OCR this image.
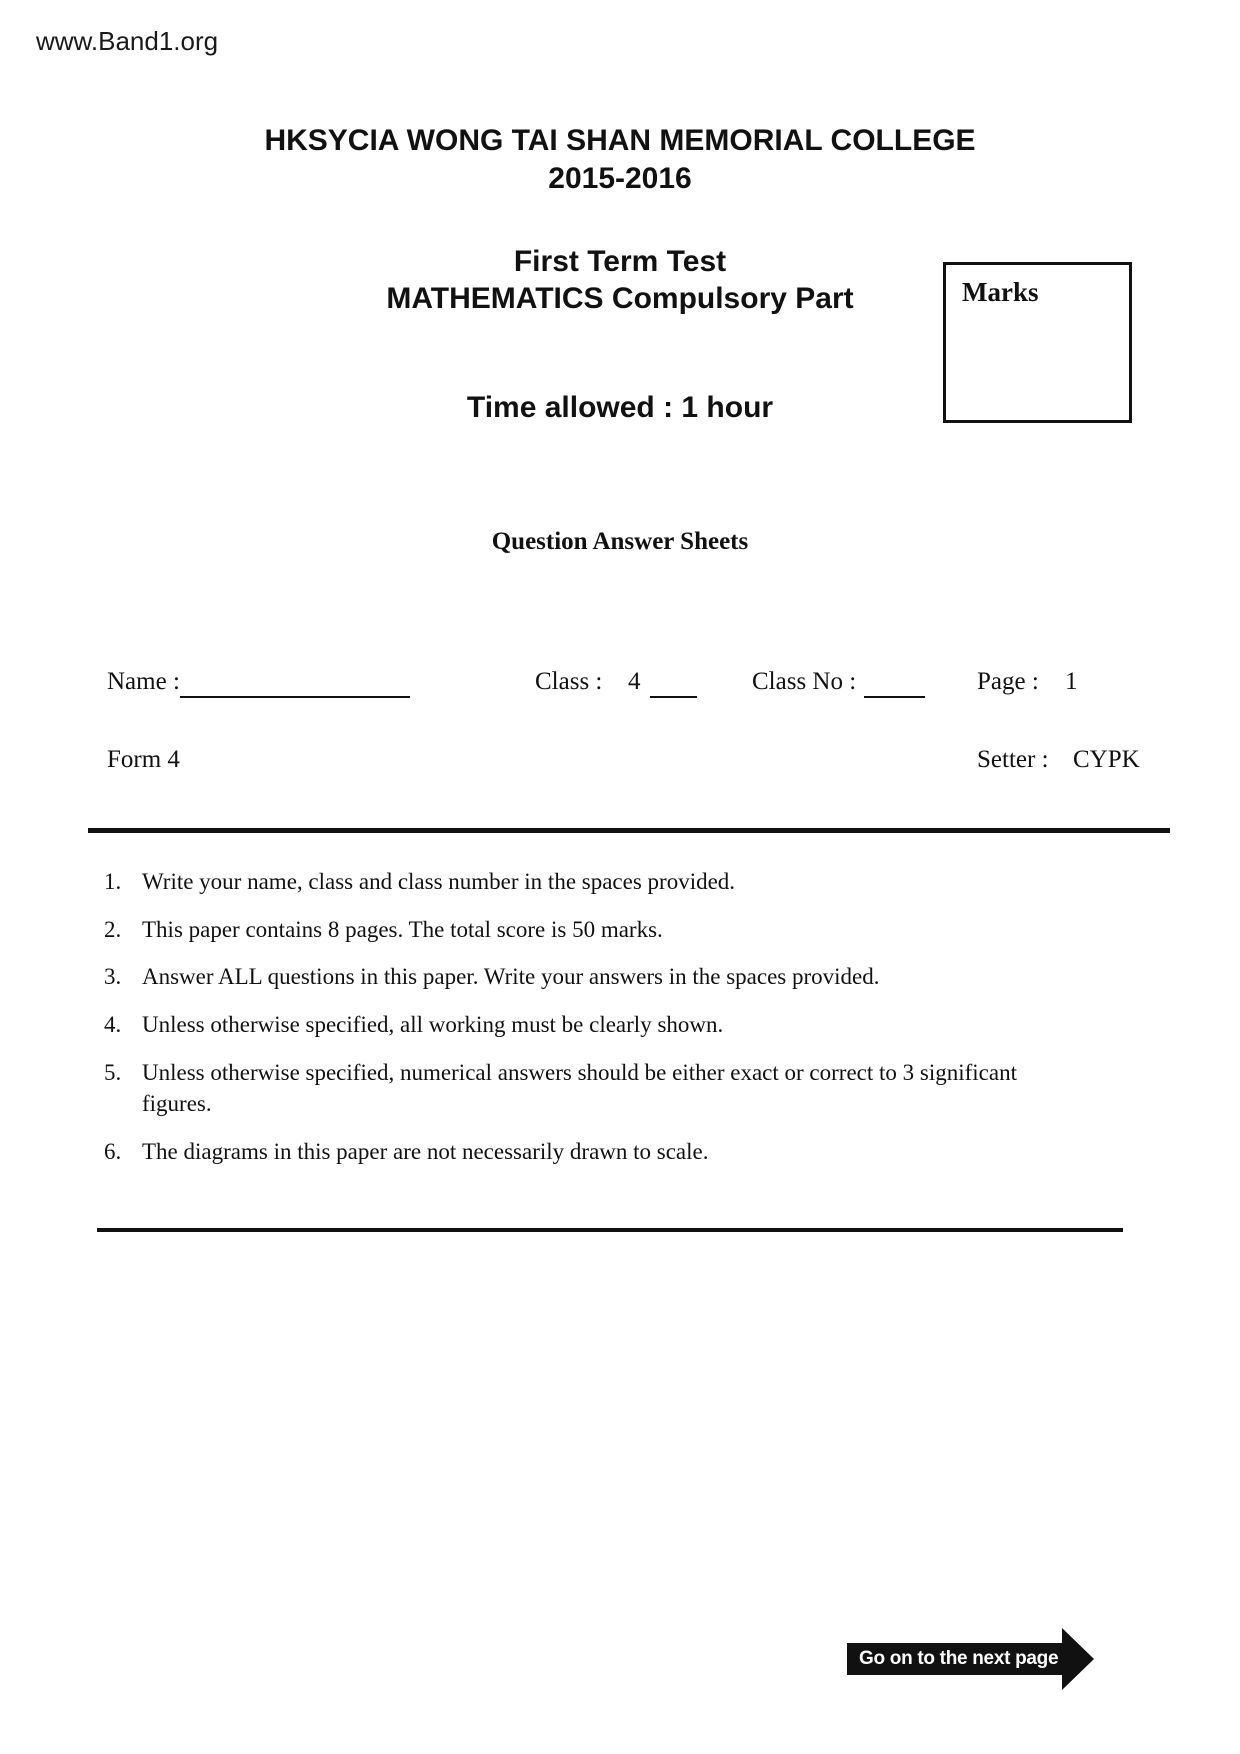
www.Band1.org
HKSYCIA WONG TAI SHAN MEMORIAL COLLEGE
2015-2016
First Term Test
MATHEMATICS Compulsory Part
Time allowed : 1 hour
Marks
Question Answer Sheets
Name :	Class : 4	Class No :	Page : 1
Form 4	Setter : CYPK
1. Write your name, class and class number in the spaces provided.
2. This paper contains 8 pages. The total score is 50 marks.
3. Answer ALL questions in this paper. Write your answers in the spaces provided.
4. Unless otherwise specified, all working must be clearly shown.
5. Unless otherwise specified, numerical answers should be either exact or correct to 3 significant figures.
6. The diagrams in this paper are not necessarily drawn to scale.
Go on to the next page
